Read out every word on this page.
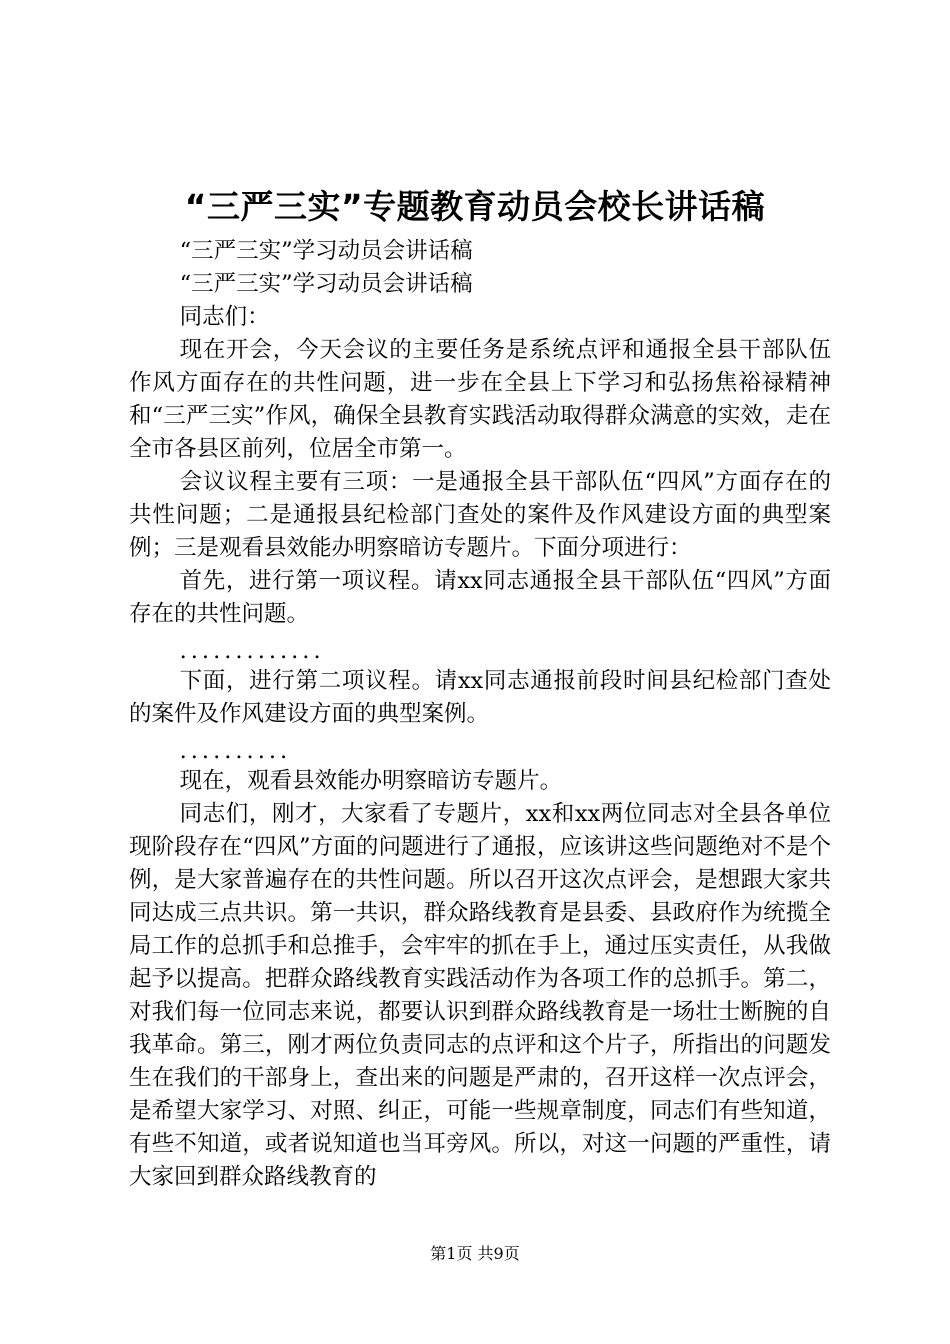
“三严三实”专题教育动员会校长讲话稿

“三严三实”学习动员会讲话稿

“三严三实”学习动员会讲话稿

同志们：

现在开会，今天会议的主要任务是系统点评和通报全县干部队伍作风方面存在的共性问题，进一步在全县上下学习和弘扬焦裕禄精神和“三严三实”作风，确保全县教育实践活动取得群众满意的实效，走在全市各县区前列，位居全市第一。

会议议程主要有三项：一是通报全县干部队伍“四风”方面存在的共性问题；二是通报县纪检部门查处的案件及作风建设方面的典型案例；三是观看县效能办明察暗访专题片。下面分项进行：

首先，进行第一项议程。请xx同志通报全县干部队伍“四风”方面存在的共性问题。

.............

下面，进行第二项议程。请xx同志通报前段时间县纪检部门查处的案件及作风建设方面的典型案例。

..........

现在，观看县效能办明察暗访专题片。

同志们，刚才，大家看了专题片，xx和xx两位同志对全县各单位现阶段存在“四风”方面的问题进行了通报，应该讲这些问题绝对不是个例，是大家普遍存在的共性问题。所以召开这次点评会，是想跟大家共同达成三点共识。第一共识，群众路线教育是县委、县政府作为统揽全局工作的总抓手和总推手，会牢牢的抓在手上，通过压实责任，从我做起予以提高。把群众路线教育实践活动作为各项工作的总抓手。第二，对我们每一位同志来说，都要认识到群众路线教育是一场壮士断腕的自我革命。第三，刚才两位负责同志的点评和这个片子，所指出的问题发生在我们的干部身上，查出来的问题是严肃的，召开这样一次点评会，是希望大家学习、对照、纠正，可能一些规章制度，同志们有些知道，有些不知道，或者说知道也当耳旁风。所以，对这一问题的严重性，请大家回到群众路线教育的

第1页 共9页
